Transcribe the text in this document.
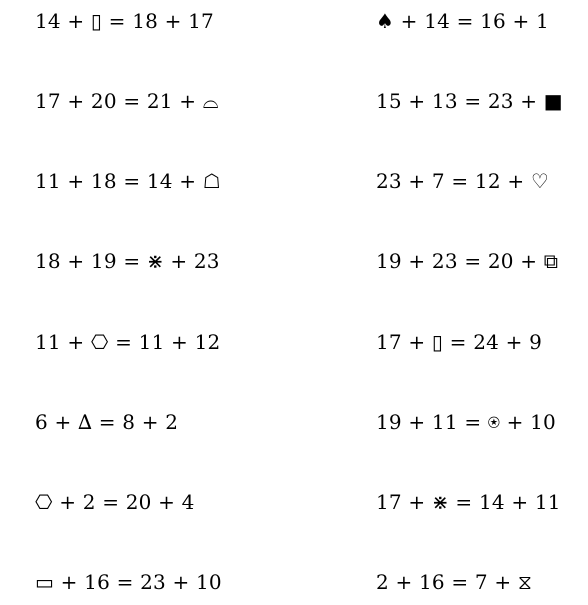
14 + ▯ = 18 + 17
17 + 20 = 21 + ⌓
11 + 18 = 14 + ☖
18 + 19 = ⋇ + 23
11 + ⎔ = 11 + 12
6 + ∆ = 8 + 2
⎔ + 2 = 20 + 4
▭ + 16 = 23 + 10
♠ + 14 = 16 + 1
15 + 13 = 23 + ■
23 + 7 = 12 + ♡
19 + 23 = 20 + ⧉
17 + ▯ = 24 + 9
19 + 11 = ⍟ + 10
17 + ⋇ = 14 + 11
2 + 16 = 7 + ⧖
